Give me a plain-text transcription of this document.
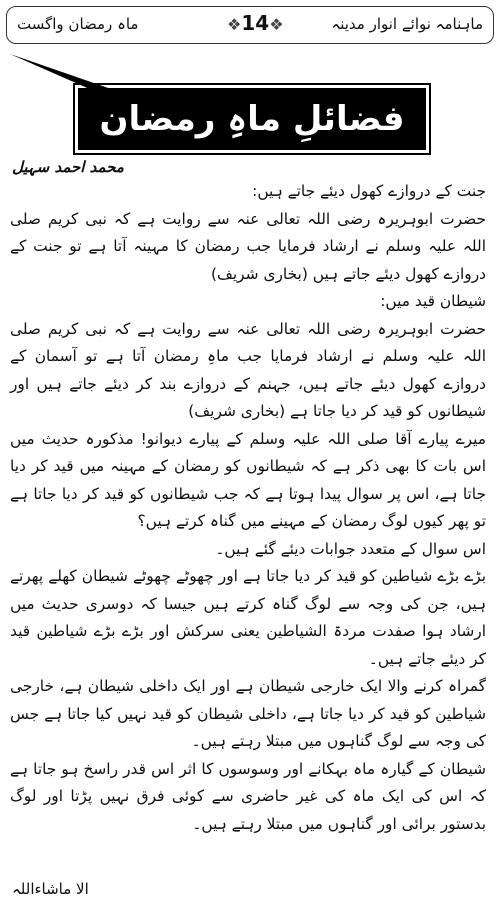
ماہنامہ نوائے انوار مدینہ
❖14❖
ماہ رمضان واگست
فضائلِ ماہِ رمضان
محمد احمد سہیل

جنت کے دروازے کھول دیئے جاتے ہیں:

حضرت ابوہریرہ رضی اللہ تعالی عنہ سے روایت ہے کہ نبی کریم صلی اللہ علیہ وسلم نے ارشاد فرمایا جب رمضان کا مہینہ آتا ہے تو جنت کے دروازے کھول دیئے جاتے ہیں (بخاری شریف)

شیطان قید میں:

حضرت ابوہریرہ رضی اللہ تعالی عنہ سے روایت ہے کہ نبی کریم صلی اللہ علیہ وسلم نے ارشاد فرمایا جب ماہِ رمضان آتا ہے تو آسمان کے دروازے کھول دیئے جاتے ہیں، جہنم کے دروازے بند کر دیئے جاتے ہیں اور شیطانوں کو قید کر دیا جاتا ہے (بخاری شریف)

میرے پیارے آقا صلی اللہ علیہ وسلم کے پیارے دیوانو! مذکورہ حدیث میں اس بات کا بھی ذکر ہے کہ شیطانوں کو رمضان کے مہینہ میں قید کر دیا جاتا ہے، اس پر سوال پیدا ہوتا ہے کہ جب شیطانوں کو قید کر دیا جاتا ہے تو پھر کیوں لوگ رمضان کے مہینے میں گناہ کرتے ہیں؟

اس سوال کے متعدد جوابات دیئے گئے ہیں۔

بڑے بڑے شیاطین کو قید کر دیا جاتا ہے اور چھوٹے چھوٹے شیطان کھلے پھرتے ہیں، جن کی وجہ سے لوگ گناہ کرتے ہیں جیسا کہ دوسری حدیث میں ارشاد ہوا صفدت مردۃ الشیاطین یعنی سرکش اور بڑے بڑے شیاطین قید کر دیئے جاتے ہیں۔

گمراہ کرنے والا ایک خارجی شیطان ہے اور ایک داخلی شیطان ہے، خارجی شیاطین کو قید کر دیا جاتا ہے، داخلی شیطان کو قید نہیں کیا جاتا ہے جس کی وجہ سے لوگ گناہوں میں مبتلا رہتے ہیں۔

شیطان کے گیارہ ماہ بہکانے اور وسوسوں کا اثر اس قدر راسخ ہو جاتا ہے کہ اس کی ایک ماہ کی غیر حاضری سے کوئی فرق نہیں پڑتا اور لوگ بدستور برائی اور گناہوں میں مبتلا رہتے ہیں۔

الا ماشاءاللہ
